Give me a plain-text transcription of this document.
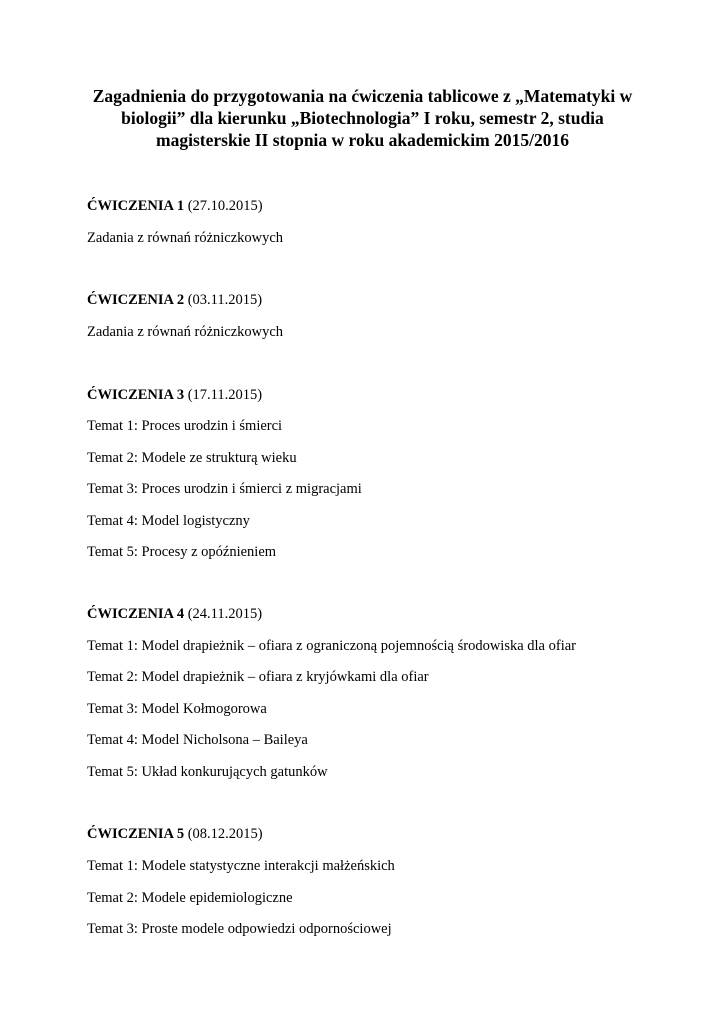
Zagadnienia do przygotowania na ćwiczenia tablicowe z „Matematyki w
biologii” dla kierunku „Biotechnologia” I roku, semestr 2, studia
magisterskie II stopnia w roku akademickim 2015/2016
ĆWICZENIA 1 (27.10.2015)
Zadania z równań różniczkowych
ĆWICZENIA 2 (03.11.2015)
Zadania z równań różniczkowych
ĆWICZENIA 3 (17.11.2015)
Temat 1: Proces urodzin i śmierci
Temat 2: Modele ze strukturą wieku
Temat 3: Proces urodzin i śmierci z migracjami
Temat 4: Model logistyczny
Temat 5: Procesy z opóźnieniem
ĆWICZENIA 4 (24.11.2015)
Temat 1: Model drapieżnik – ofiara z ograniczoną pojemnością środowiska dla ofiar
Temat 2: Model drapieżnik – ofiara z kryjówkami dla ofiar
Temat 3: Model Kołmogorowa
Temat 4: Model Nicholsona – Baileya
Temat 5: Układ konkurujących gatunków
ĆWICZENIA 5 (08.12.2015)
Temat 1: Modele statystyczne interakcji małżeńskich
Temat 2: Modele epidemiologiczne
Temat 3: Proste modele odpowiedzi odpornościowej
